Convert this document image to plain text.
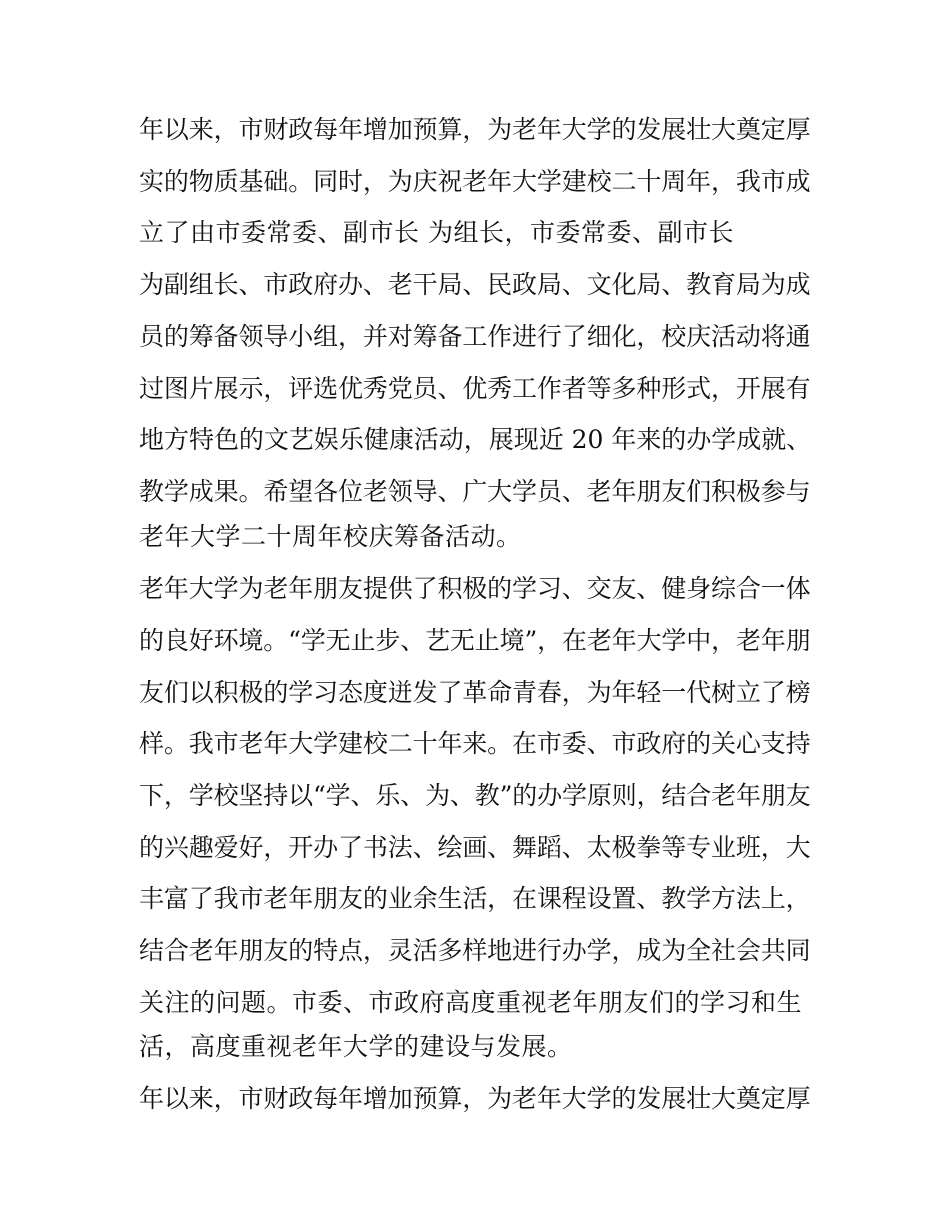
年以来，市财政每年增加预算，为老年大学的发展壮大奠定厚
实的物质基础。同时，为庆祝老年大学建校二十周年，我市成
立了由市委常委、副市长 为组长，市委常委、副市长
为副组长、市政府办、老干局、民政局、文化局、教育局为成
员的筹备领导小组，并对筹备工作进行了细化，校庆活动将通
过图片展示，评选优秀党员、优秀工作者等多种形式，开展有
地方特色的文艺娱乐健康活动，展现近 20 年来的办学成就、
教学成果。希望各位老领导、广大学员、老年朋友们积极参与
老年大学二十周年校庆筹备活动。
老年大学为老年朋友提供了积极的学习、交友、健身综合一体
的良好环境。“学无止步、艺无止境”，在老年大学中，老年朋
友们以积极的学习态度迸发了革命青春，为年轻一代树立了榜
样。我市老年大学建校二十年来。在市委、市政府的关心支持
下，学校坚持以“学、乐、为、教”的办学原则，结合老年朋友
的兴趣爱好，开办了书法、绘画、舞蹈、太极拳等专业班，大
丰富了我市老年朋友的业余生活，在课程设置、教学方法上，
结合老年朋友的特点，灵活多样地进行办学，成为全社会共同
关注的问题。市委、市政府高度重视老年朋友们的学习和生
活，高度重视老年大学的建设与发展。
年以来，市财政每年增加预算，为老年大学的发展壮大奠定厚
